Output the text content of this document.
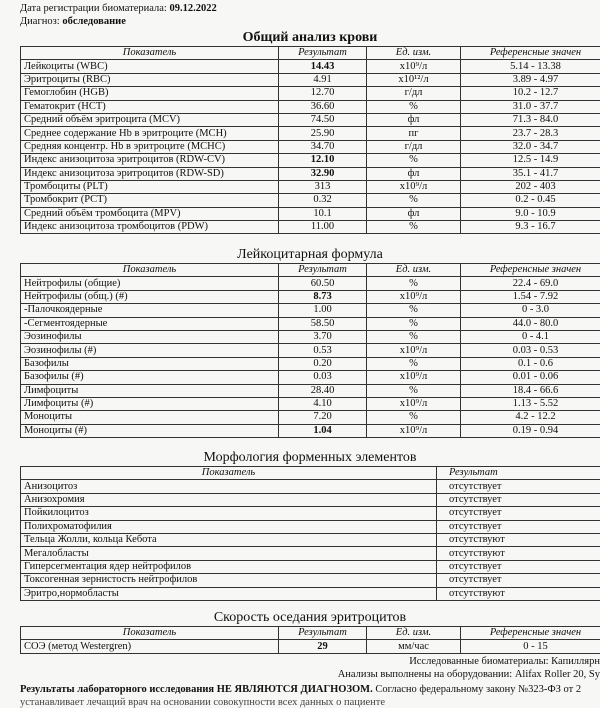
Дата регистрации биоматериала: 09.12.2022
Диагноз: обследование
Общий анализ крови
Показатель	Результат	Ед. изм.	Референсные значен
Лейкоциты (WBC)	14.43	x10⁹/л	5.14 - 13.38
Эритроциты (RBC)	4.91	x10¹²/л	3.89 - 4.97
Гемоглобин (HGB)	12.70	г/дл	10.2 - 12.7
Гематокрит (HCT)	36.60	%	31.0 - 37.7
Средний объём эритроцита (MCV)	74.50	фл	71.3 - 84.0
Среднее содержание Hb в эритроците (MCH)	25.90	пг	23.7 - 28.3
Средняя концентр. Hb в эритроците (MCHC)	34.70	г/дл	32.0 - 34.7
Индекс анизоцитоза эритроцитов (RDW-CV)	12.10	%	12.5 - 14.9
Индекс анизоцитоза эритроцитов (RDW-SD)	32.90	фл	35.1 - 41.7
Тромбоциты (PLT)	313	x10⁹/л	202 - 403
Тромбокрит (PCT)	0.32	%	0.2 - 0.45
Средний объём тромбоцита (MPV)	10.1	фл	9.0 - 10.9
Индекс анизоцитоза тромбоцитов (PDW)	11.00	%	9.3 - 16.7
Лейкоцитарная формула
Показатель	Результат	Ед. изм.	Референсные значен
Нейтрофилы (общие)	60.50	%	22.4 - 69.0
Нейтрофилы (общ.) (#)	8.73	x10⁹/л	1.54 - 7.92
-Палочкоядерные	1.00	%	0 - 3.0
-Сегментоядерные	58.50	%	44.0 - 80.0
Эозинофилы	3.70	%	0 - 4.1
Эозинофилы (#)	0.53	x10⁹/л	0.03 - 0.53
Базофилы	0.20	%	0.1 - 0.6
Базофилы (#)	0.03	x10⁹/л	0.01 - 0.06
Лимфоциты	28.40	%	18.4 - 66.6
Лимфоциты (#)	4.10	x10⁹/л	1.13 - 5.52
Моноциты	7.20	%	4.2 - 12.2
Моноциты (#)	1.04	x10⁹/л	0.19 - 0.94
Морфология форменных элементов
Показатель	Результат
Анизоцитоз	отсутствует
Анизохромия	отсутствует
Пойкилоцитоз	отсутствует
Полихроматофилия	отсутствует
Тельца Жолли, кольца Кебота	отсутствуют
Мегалобласты	отсутствуют
Гиперсегментация ядер нейтрофилов	отсутствует
Токсогенная зернистость нейтрофилов	отсутствует
Эритро,нормобласты	отсутствуют
Скорость оседания эритроцитов
Показатель	Результат	Ед. изм.	Референсные значен
СОЭ (метод Westergren)	29	мм/час	0 - 15
Исследованные биоматериалы: Капиллярн
Анализы выполнены на оборудовании: Alifax Roller 20, Sy
Результаты лабораторного исследования НЕ ЯВЛЯЮТСЯ ДИАГНОЗОМ. Согласно федеральному закону №323-ФЗ от 2
устанавливает лечащий врач на основании совокупности всех данных о пациенте
